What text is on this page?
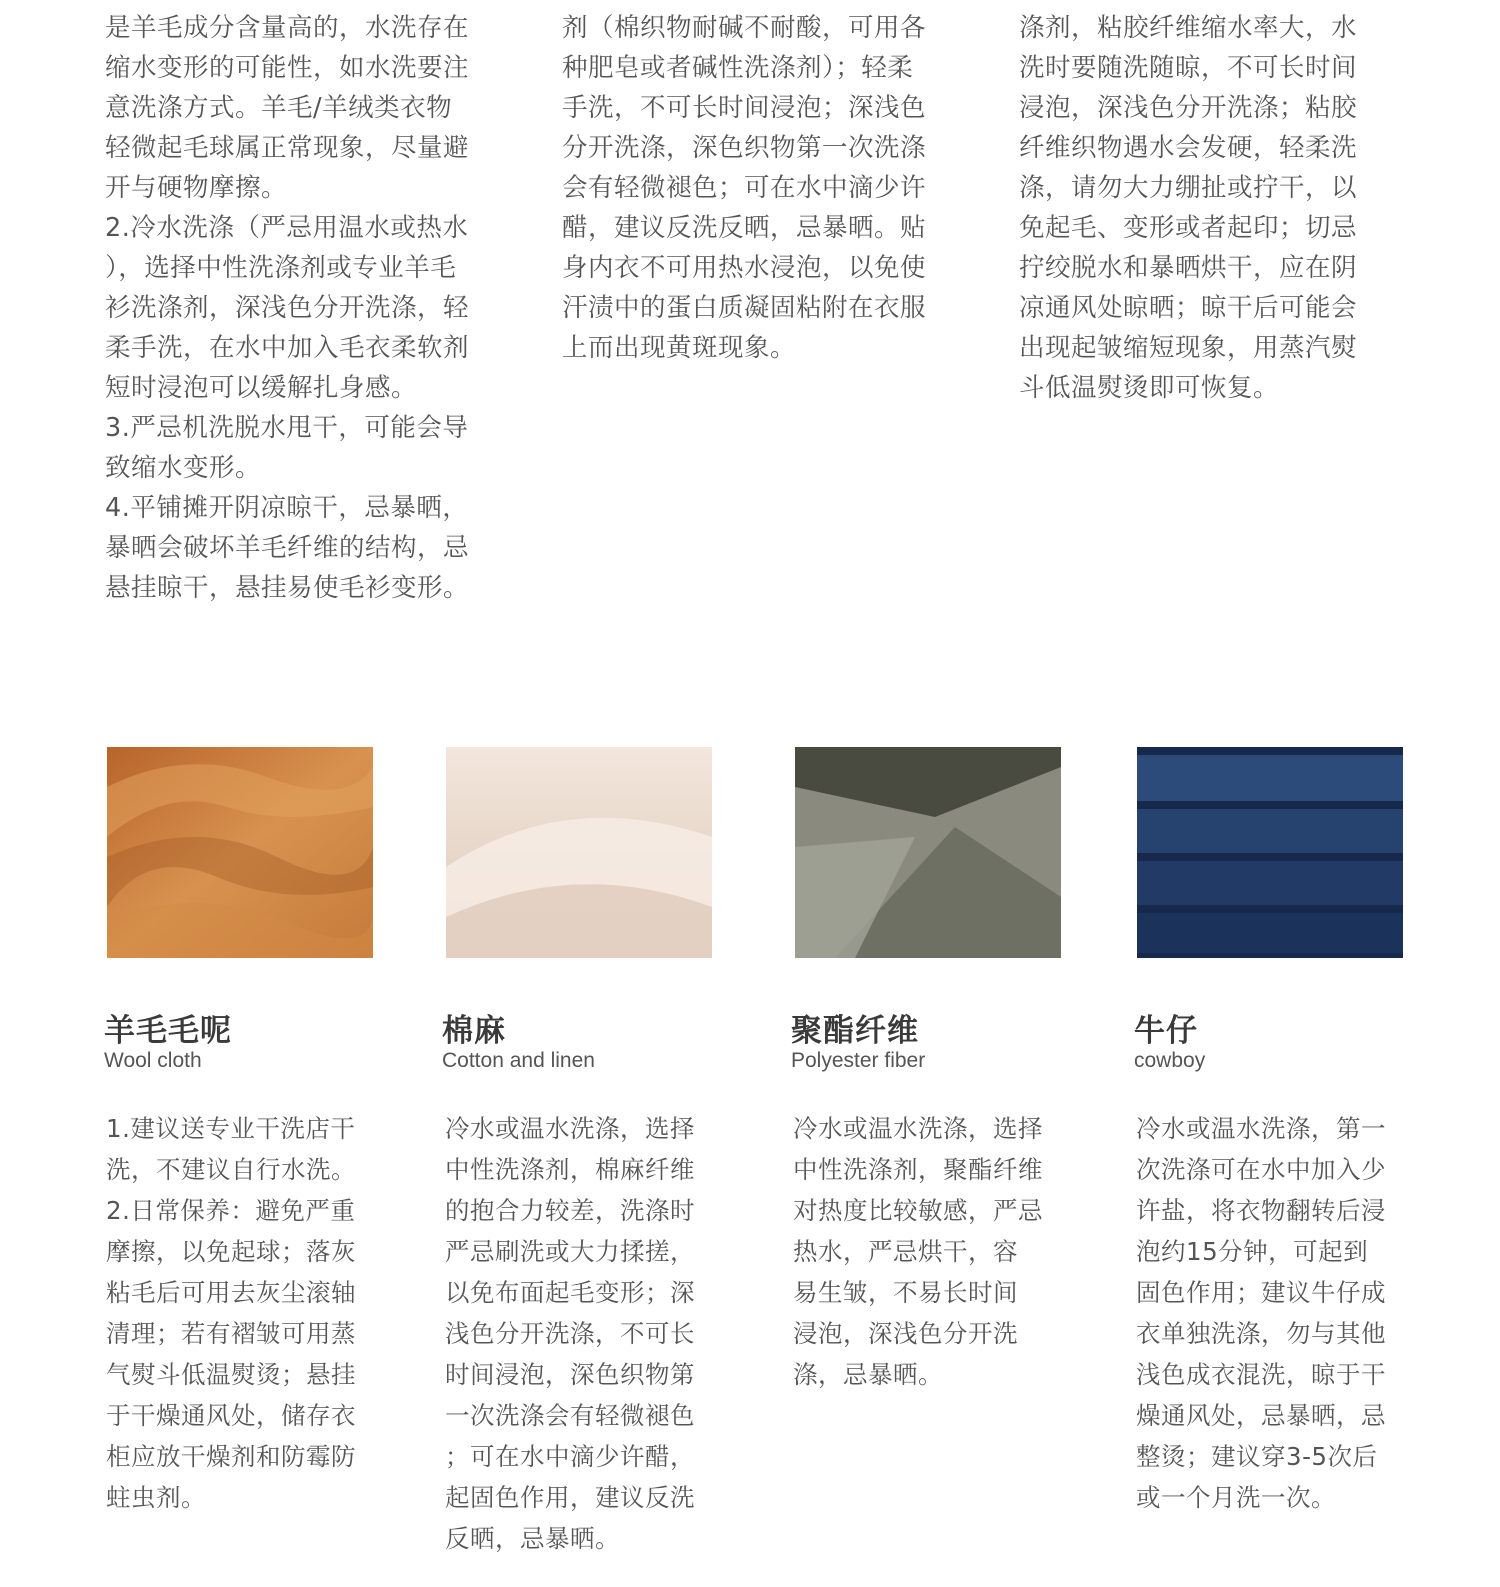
是羊毛成分含量高的，水洗存在
缩水变形的可能性，如水洗要注
意洗涤方式。羊毛/羊绒类衣物
轻微起毛球属正常现象，尽量避
开与硬物摩擦。
2.冷水洗涤（严忌用温水或热水
），选择中性洗涤剂或专业羊毛
衫洗涤剂，深浅色分开洗涤，轻
柔手洗，在水中加入毛衣柔软剂
短时浸泡可以缓解扎身感。
3.严忌机洗脱水甩干，可能会导
致缩水变形。
4.平铺摊开阴凉晾干，忌暴晒，
暴晒会破坏羊毛纤维的结构，忌
悬挂晾干，悬挂易使毛衫变形。

剂（棉织物耐碱不耐酸，可用各
种肥皂或者碱性洗涤剂）；轻柔
手洗，不可长时间浸泡；深浅色
分开洗涤，深色织物第一次洗涤
会有轻微褪色；可在水中滴少许
醋，建议反洗反晒，忌暴晒。贴
身内衣不可用热水浸泡，以免使
汗渍中的蛋白质凝固粘附在衣服
上而出现黄斑现象。

涤剂，粘胶纤维缩水率大，水
洗时要随洗随晾，不可长时间
浸泡，深浅色分开洗涤；粘胶
纤维织物遇水会发硬，轻柔洗
涤，请勿大力绷扯或拧干，以
免起毛、变形或者起印；切忌
拧绞脱水和暴晒烘干，应在阴
凉通风处晾晒；晾干后可能会
出现起皱缩短现象，用蒸汽熨
斗低温熨烫即可恢复。

羊毛毛呢
Wool cloth
棉麻
Cotton and linen
聚酯纤维
Polyester fiber
牛仔
cowboy

1.建议送专业干洗店干
洗，不建议自行水洗。
2.日常保养：避免严重
摩擦，以免起球；落灰
粘毛后可用去灰尘滚轴
清理；若有褶皱可用蒸
气熨斗低温熨烫；悬挂
于干燥通风处，储存衣
柜应放干燥剂和防霉防
蛀虫剂。

冷水或温水洗涤，选择
中性洗涤剂，棉麻纤维
的抱合力较差，洗涤时
严忌刷洗或大力揉搓，
以免布面起毛变形；深
浅色分开洗涤，不可长
时间浸泡，深色织物第
一次洗涤会有轻微褪色
；可在水中滴少许醋，
起固色作用，建议反洗
反晒，忌暴晒。

冷水或温水洗涤，选择
中性洗涤剂，聚酯纤维
对热度比较敏感，严忌
热水，严忌烘干，容
易生皱，不易长时间
浸泡，深浅色分开洗
涤，忌暴晒。

冷水或温水洗涤，第一
次洗涤可在水中加入少
许盐，将衣物翻转后浸
泡约15分钟，可起到
固色作用；建议牛仔成
衣单独洗涤，勿与其他
浅色成衣混洗，晾于干
燥通风处，忌暴晒，忌
整烫；建议穿3-5次后
或一个月洗一次。
